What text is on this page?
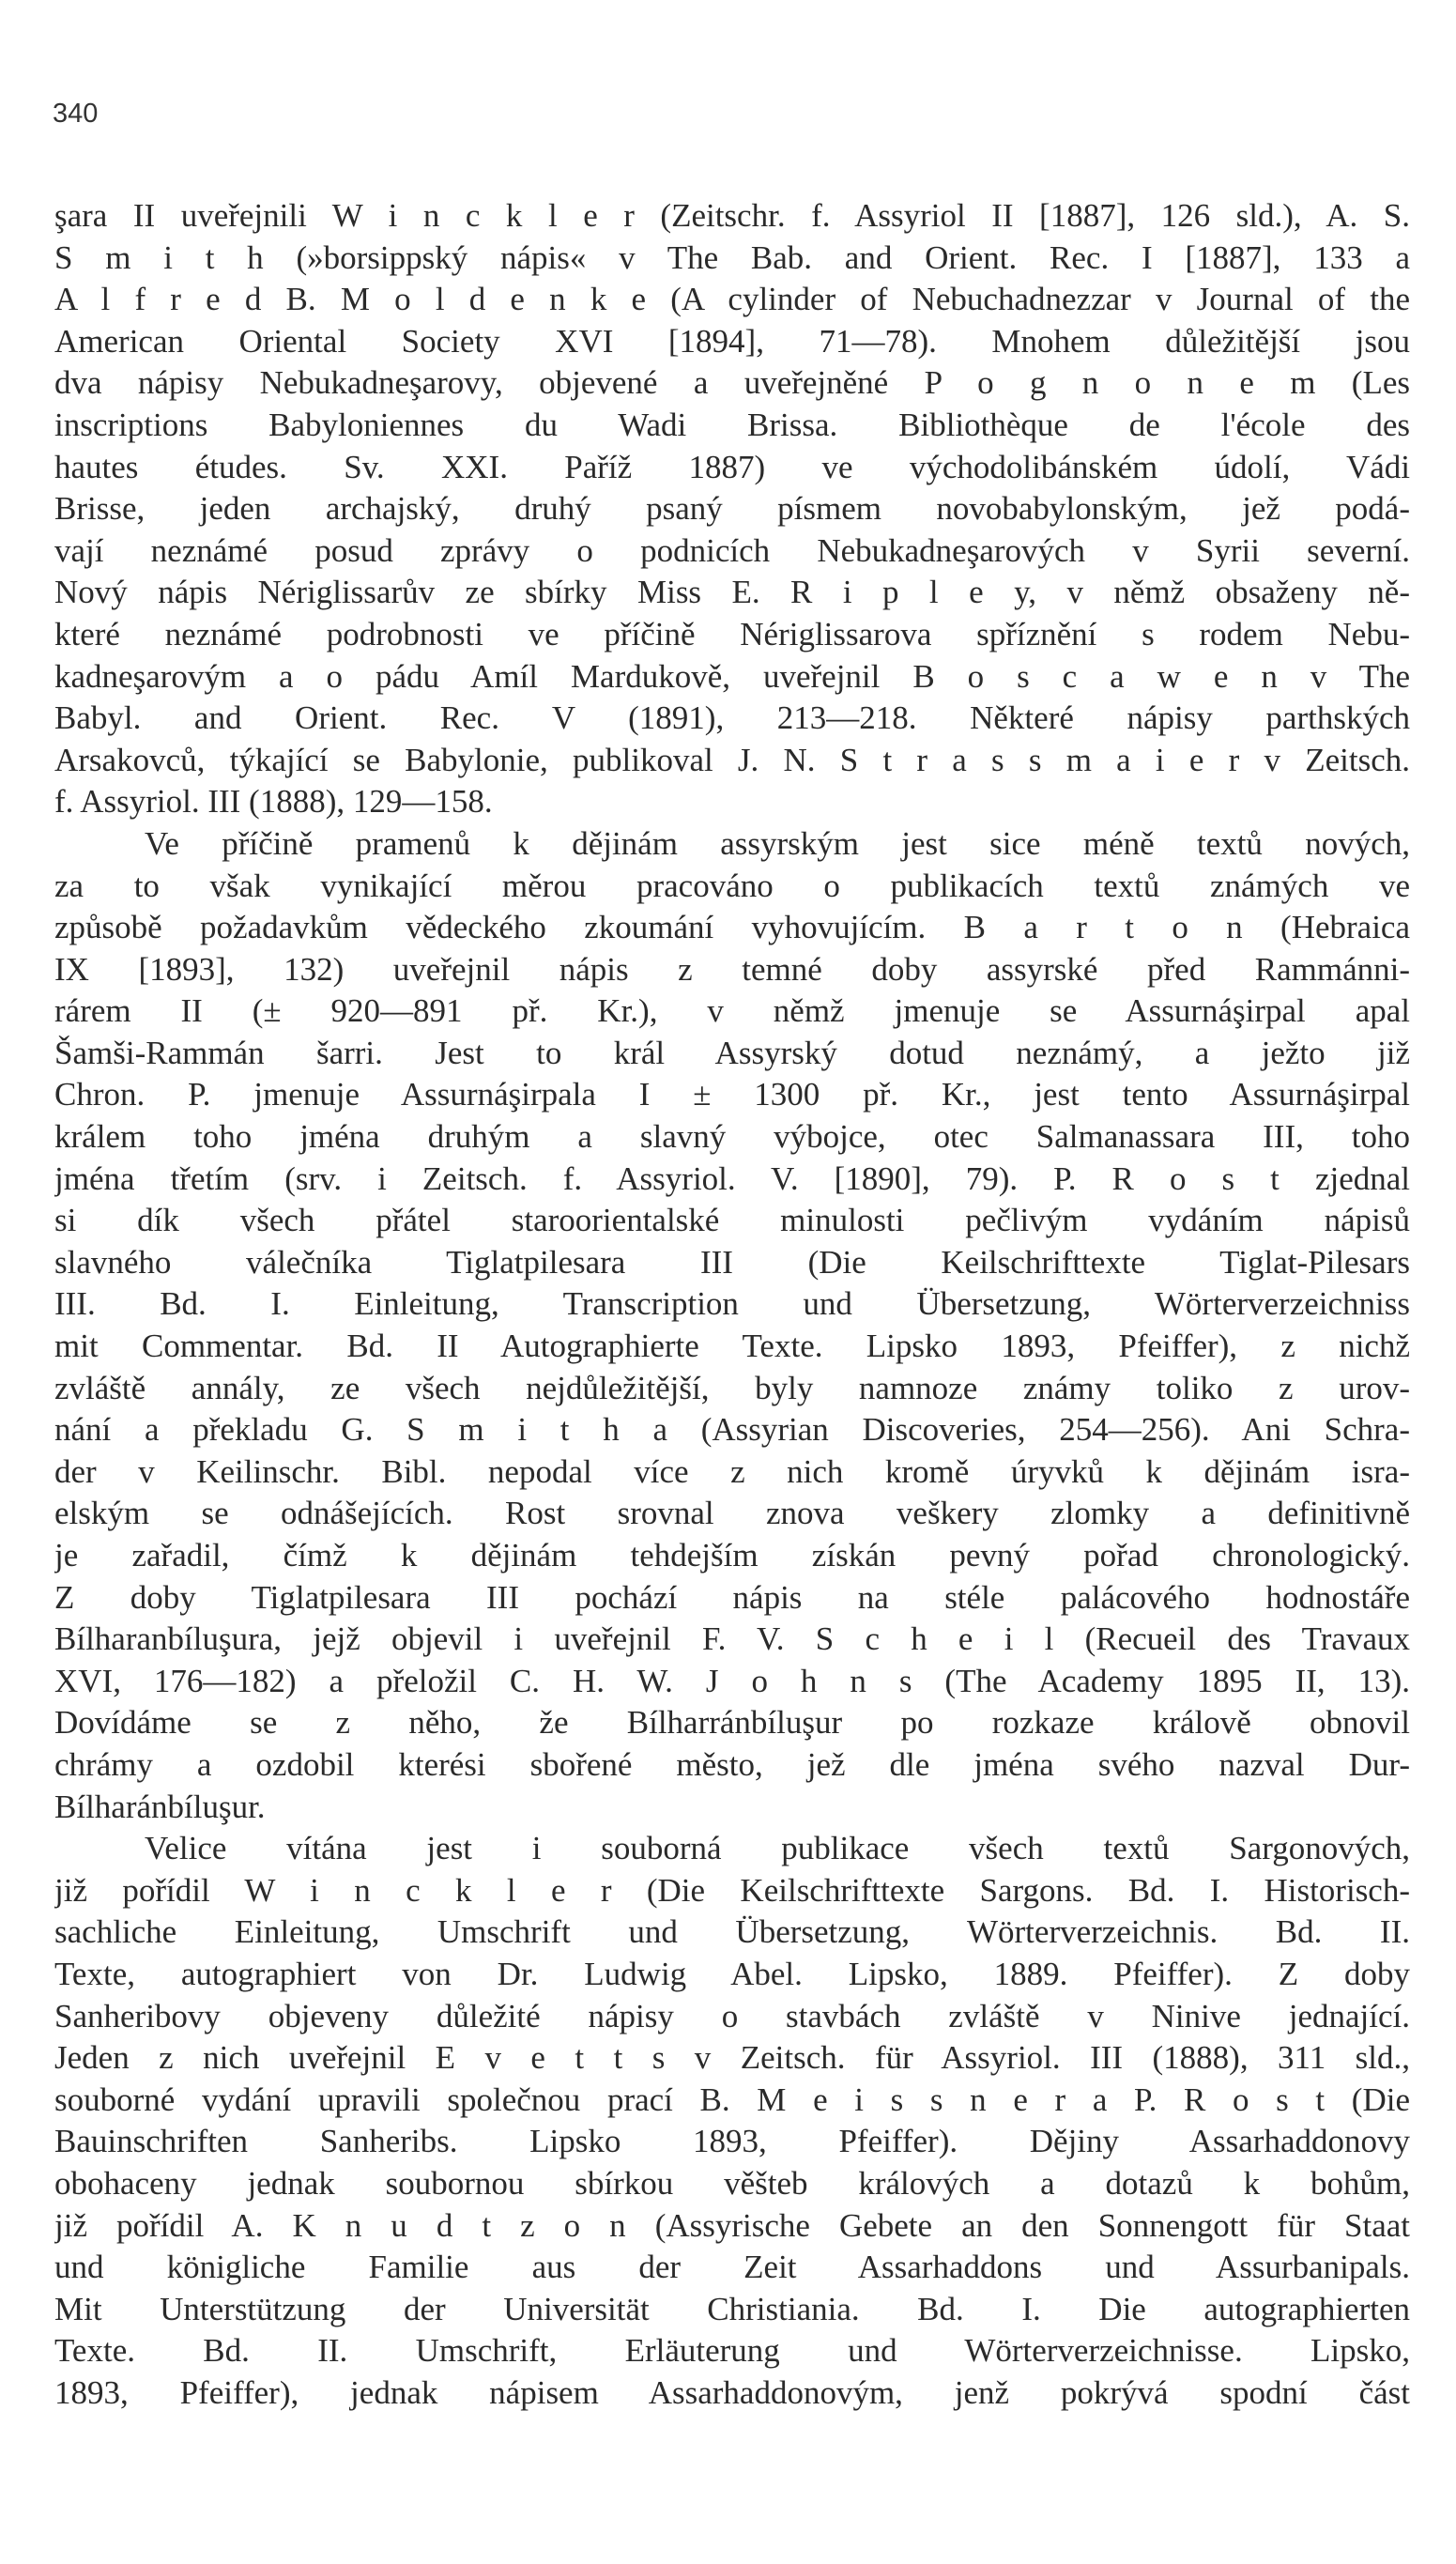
340
şara II uveřejnili W i n c k l e r (Zeitschr. f. Assyriol II [1887], 126 sld.), A. S.
S m i t h (»borsippský nápis« v The Bab. and Orient. Rec. I [1887], 133 a
A l f r e d B. M o l d e n k e (A cylinder of Nebuchadnezzar v Journal of the
American Oriental Society XVI [1894], 71—78). Mnohem důležitější jsou
dva nápisy Nebukadneşarovy, objevené a uveřejněné P o g n o n e m (Les
inscriptions Babyloniennes du Wadi Brissa. Bibliothèque de l'école des
hautes études. Sv. XXI. Paříž 1887) ve východolibánském údolí, Vádi
Brisse, jeden archajský, druhý psaný písmem novobabylonským, jež podá-
vají neznámé posud zprávy o podnicích Nebukadneşarových v Syrii severní.
Nový nápis Nériglissarův ze sbírky Miss E. R i p l e y, v němž obsaženy ně-
které neznámé podrobnosti ve příčině Nériglissarova spříznění s rodem Nebu-
kadneşarovým a o pádu Amíl Mardukově, uveřejnil B o s c a w e n v The
Babyl. and Orient. Rec. V (1891), 213—218. Některé nápisy parthských
Arsakovců, týkající se Babylonie, publikoval J. N. S t r a s s m a i e r v Zeitsch.
f. Assyriol. III (1888), 129—158.
Ve příčině pramenů k dějinám assyrským jest sice méně textů nových,
za to však vynikající měrou pracováno o publikacích textů známých ve
způsobě požadavkům vědeckého zkoumání vyhovujícím. B a r t o n (Hebraica
IX [1893], 132) uveřejnil nápis z temné doby assyrské před Rammánni-
rárem II (± 920—891 př. Kr.), v němž jmenuje se Assurnáşirpal apal
Šamši-Rammán šarri. Jest to král Assyrský dotud neznámý, a ježto již
Chron. P. jmenuje Assurnáşirpala I ± 1300 př. Kr., jest tento Assurnáşirpal
králem toho jména druhým a slavný výbojce, otec Salmanassara III, toho
jména třetím (srv. i Zeitsch. f. Assyriol. V. [1890], 79). P. R o s t zjednal
si dík všech přátel staroorientalské minulosti pečlivým vydáním nápisů
slavného válečníka Tiglatpilesara III (Die Keilschrifttexte Tiglat-Pilesars
III. Bd. I. Einleitung, Transcription und Übersetzung, Wörterverzeichniss
mit Commentar. Bd. II Autographierte Texte. Lipsko 1893, Pfeiffer), z nichž
zvláště annály, ze všech nejdůležitější, byly namnoze známy toliko z urov-
nání a překladu G. S m i t h a (Assyrian Discoveries, 254—256). Ani Schra-
der v Keilinschr. Bibl. nepodal více z nich kromě úryvků k dějinám isra-
elským se odnášejících. Rost srovnal znova veškery zlomky a definitivně
je zařadil, čímž k dějinám tehdejším získán pevný pořad chronologický.
Z doby Tiglatpilesara III pochází nápis na stéle palácového hodnostáře
Bílharanbíluşura, jejž objevil i uveřejnil F. V. S c h e i l (Recueil des Travaux
XVI, 176—182) a přeložil C. H. W. J o h n s (The Academy 1895 II, 13).
Dovídáme se z něho, že Bílharránbíluşur po rozkaze králově obnovil
chrámy a ozdobil kterési sbořené město, jež dle jména svého nazval Dur-
Bílharánbíluşur.
Velice vítána jest i souborná publikace všech textů Sargonových,
již pořídil W i n c k l e r (Die Keilschrifttexte Sargons. Bd. I. Historisch-
sachliche Einleitung, Umschrift und Übersetzung, Wörterverzeichnis. Bd. II.
Texte, autographiert von Dr. Ludwig Abel. Lipsko, 1889. Pfeiffer). Z doby
Sanheribovy objeveny důležité nápisy o stavbách zvláště v Ninive jednající.
Jeden z nich uveřejnil E v e t t s v Zeitsch. für Assyriol. III (1888), 311 sld.,
souborné vydání upravili společnou prací B. M e i s s n e r a P. R o s t (Die
Bauinschriften Sanheribs. Lipsko 1893, Pfeiffer). Dějiny Assarhaddonovy
obohaceny jednak soubornou sbírkou věšteb králových a dotazů k bohům,
již pořídil A. K n u d t z o n (Assyrische Gebete an den Sonnengott für Staat
und königliche Familie aus der Zeit Assarhaddons und Assurbanipals.
Mit Unterstützung der Universität Christiania. Bd. I. Die autographierten
Texte. Bd. II. Umschrift, Erläuterung und Wörterverzeichnisse. Lipsko,
1893, Pfeiffer), jednak nápisem Assarhaddonovým, jenž pokrývá spodní část
